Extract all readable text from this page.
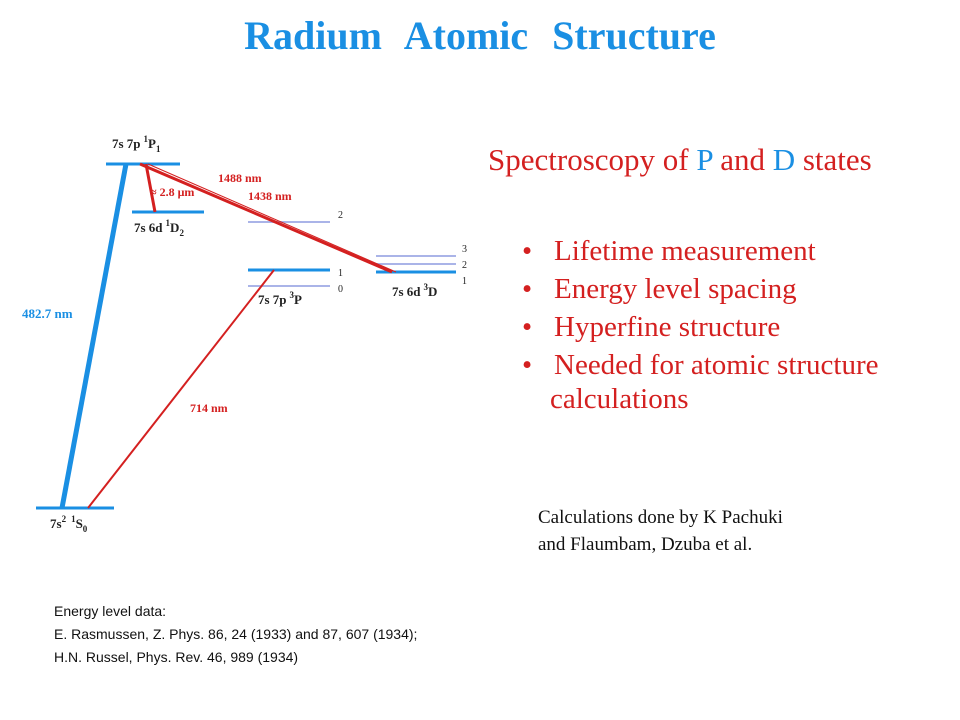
Radium Atomic Structure
7s 7p $^1P_1$
7s 6d $^1D_2$
7s 7p $^3$P
7s 6d $^3$D
$7s^2$ $1S_0$
2
1
0
3
2
1
482.7 nm
714 nm
1488 nm
1438 nm
≈ 2.8 μm
Spectroscopy of P and D states
• Lifetime measurement
• Energy level spacing
• Hyperfine structure
• Needed for atomic structure
calculations
Calculations done by K Pachuki
and Flaumbam, Dzuba et al.
Energy level data:
E. Rasmussen, Z. Phys. 86, 24 (1933) and 87, 607 (1934);
H.N. Russel, Phys. Rev. 46, 989 (1934)
